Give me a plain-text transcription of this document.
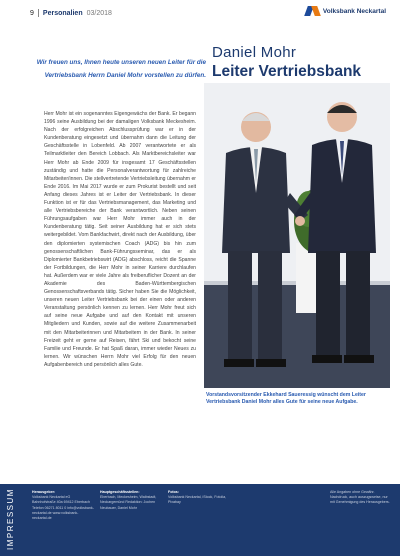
9 Personalien 03/2018	Volksbank Neckartal
Wir freuen uns, Ihnen heute unseren neuen Leiter für die Vertriebsbank Herrn Daniel Mohr vorstellen zu dürfen.
Daniel Mohr
Leiter Vertriebsbank
Herr Mohr ist ein sogenanntes Eigengewächs der Bank. Er begann 1996 seine Ausbildung bei der damaligen Volksbank Meckesheim. Nach der erfolgreichen Abschlussprüfung war er in der Kundenberatung eingesetzt und übernahm dann die Leitung der Geschäftsstelle in Lobenfeld. Ab 2007 verantwortete er als Teilmarktleiter den Bereich Lobbach. Als Marktbereichsleiter war Herr Mohr ab Ende 2009 für insgesamt 17 Geschäftsstellen zuständig und hatte die Personalverantwortung für zahlreiche Mitarbeiter/innen. Die stellvertretende Vertriebsleitung übernahm er Ende 2016. Im Mai 2017 wurde er zum Prokurist bestellt und seit Anfang dieses Jahres ist er Leiter der Vertriebsbank. In dieser Funktion ist er für das Vertriebsmanagement, das Marketing und alle Vertriebsbereiche der Bank verantwortlich. Neben seinen Führungsaufgaben war Herr Mohr immer auch in der Kundenberatung tätig. Seit seiner Ausbildung hat er sich stets weitergebildet. Vom Bankfachwirt, direkt nach der Ausbildung, über den diplomierten systemischen Coach (ADG) bis hin zum genossenschaftlichen Bank-Führungsseminar, das er als Diplomierter Bankbetriebswirt (ADG) abschloss, reicht die Spanne der Fortbildungen, die Herr Mohr in seiner Karriere durchlaufen hat. Außerdem war er viele Jahre als freiberuflicher Dozent an der Akademie des Baden-Württembergischen Genossenschaftsverbands tätig. Sicher haben Sie die Möglichkeit, unseren neuen Leiter Vertriebsbank bei der einen oder anderen Veranstaltung persönlich kennen zu lernen. Herr Mohr freut sich auf seine neue Aufgabe und auf den Kontakt mit unseren Mitgliedern und Kunden, sowie auf die weitere Zusammenarbeit mit den Mitarbeiterinnen und Mitarbeitern in der Bank. In seiner Freizeit geht er gerne auf Reisen, fährt Ski und bekocht seine Familie und Freunde. Er hat Spaß daran, immer wieder Neues zu lernen. Wir wünschen Herrn Mohr viel Erfolg für den neuen Aufgabenbereich und persönlich alles Gute.
Vorstandsvorsitzender Ekkehard Saueressig wünscht dem Leiter Vertriebsbank Daniel Mohr alles Gute für seine neue Aufgabe.
IMPRESSUM	Herausgeber:
Volksbank Neckartal eG Bahnhofstraße 40a 69412 Eberbach Telefon 06271 8011 0 info@volksbank-neckartal.de www.volksbank-neckartal.de
Hauptgeschäftsstellen:
Eberbach, Meckesheim, Waibstadt, Neckargemünd Redaktion: Jochen Neubauer, Daniel Mohr
Fotos:
Volksbank Neckartal, iStock, Fotolia, Pixabay
Alle Angaben ohne Gewähr. Nachdruck, auch auszugsweise, nur mit Genehmigung des Herausgebers.
